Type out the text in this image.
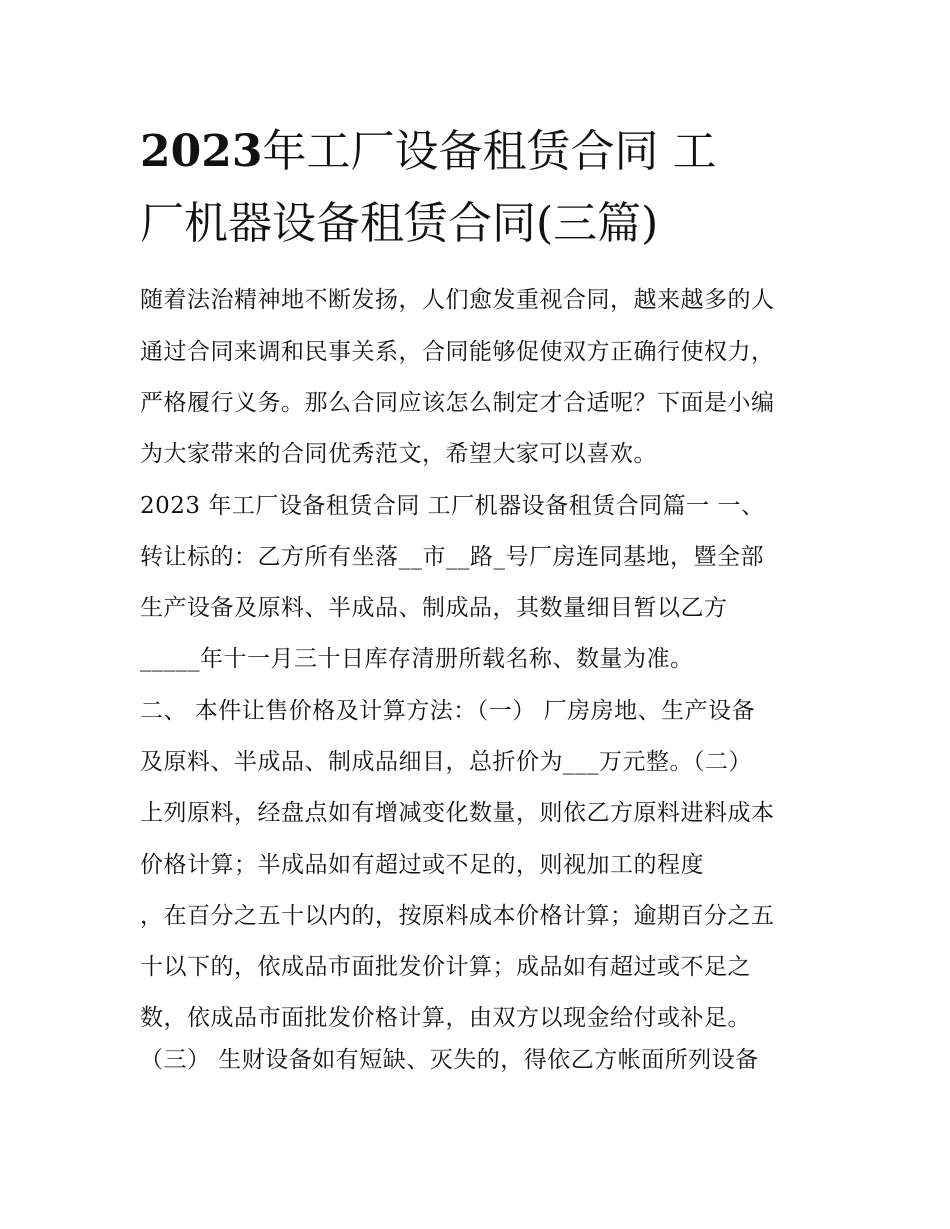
2023年工厂设备租赁合同 工
厂机器设备租赁合同(三篇)

随着法治精神地不断发扬，人们愈发重视合同，越来越多的人

通过合同来调和民事关系，合同能够促使双方正确行使权力，

严格履行义务。那么合同应该怎么制定才合适呢？下面是小编

为大家带来的合同优秀范文，希望大家可以喜欢。

2023 年工厂设备租赁合同 工厂机器设备租赁合同篇一 一、

转让标的：乙方所有坐落__市__路_号厂房连同基地，暨全部

生产设备及原料、半成品、制成品，其数量细目暂以乙方

_____年十一月三十日库存清册所载名称、数量为准。

二、 本件让售价格及计算方法：（一） 厂房房地、生产设备

及原料、半成品、制成品细目，总折价为___万元整。（二）

上列原料，经盘点如有增减变化数量，则依乙方原料进料成本

价格计算；半成品如有超过或不足的，则视加工的程度

，在百分之五十以内的，按原料成本价格计算；逾期百分之五

十以下的，依成品市面批发价计算；成品如有超过或不足之

数，依成品市面批发价格计算，由双方以现金给付或补足。

（三） 生财设备如有短缺、灭失的，得依乙方帐面所列设备
